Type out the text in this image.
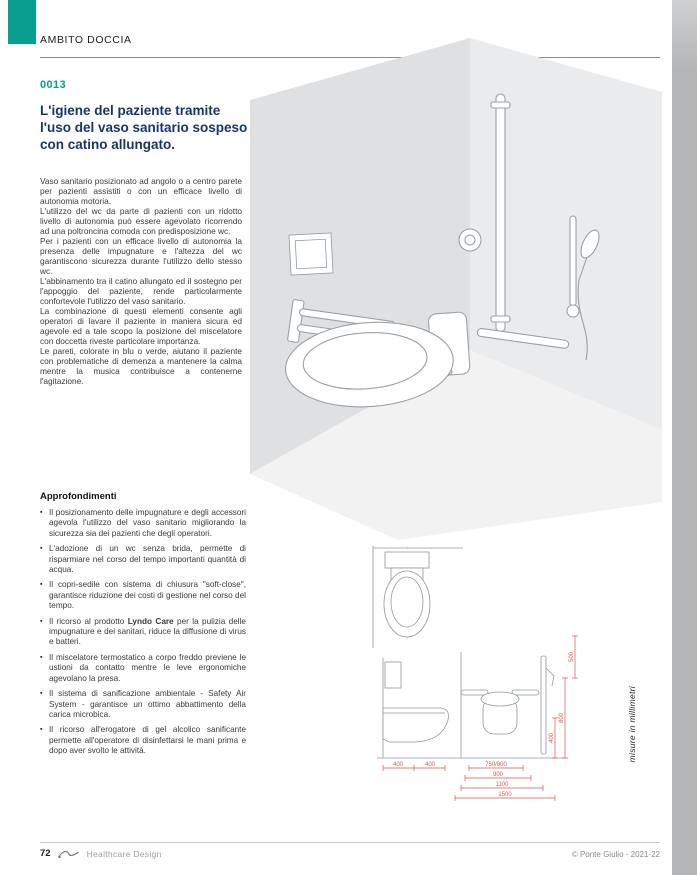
AMBITO DOCCIA
0013
L'igiene del paziente tramite l'uso del vaso sanitario sospeso con catino allungato.

Vaso sanitario posizionato ad angolo o a centro parete per pazienti assistiti o con un efficace livello di autonomia motoria.

L'utilizzo del wc da parte di pazienti con un ridotto livello di autonomia può essere agevolato ricorrendo ad una poltroncina comoda con predisposizione wc.

Per i pazienti con un efficace livello di autonomia la presenza delle impugnature e l'altezza del wc garantiscono sicurezza durante l'utilizzo dello stesso wc.

L'abbinamento tra il catino allungato ed il sostegno per l'appoggio del paziente, rende particolarmente confortevole l'utilizzo del vaso sanitario.

La combinazione di questi elementi consente agli operatori di lavare il paziente in maniera sicura ed agevole ed a tale scopo la posizione del miscelatore con doccetta riveste particolare importanza.

Le pareti, colorate in blu o verde, aiutano il paziente con problematiche di demenza a mantenere la calma mentre la musica contribuisce a contenerne l'agitazione.

Approfondimenti
▪ Il posizionamento delle impugnature e degli accessori agevola l'utilizzo del vaso sanitario migliorando la sicurezza sia dei pazienti che degli operatori.
▪ L'adozione di un wc senza brida, permette di risparmiare nel corso del tempo importanti quantità di acqua.
▪ Il copri-sedile con sistema di chiusura "soft-close", garantisce riduzione dei costi di gestione nel corso del tempo.
▪ Il ricorso al prodotto Lyndo Care per la pulizia delle impugnature e dei sanitari, riduce la diffusione di virus e batteri.
▪ Il miscelatore termostatico a corpo freddo previene le ustioni da contatto mentre le leve ergonomiche agevolano la presa.
▪ Il sistema di sanificazione ambientale - Safety Air System - garantisce un ottimo abbattimento della carica microbica.
▪ Il ricorso all'erogatore di gel alcolico sanificante permette all'operatore di disinfettarsi le mani prima e dopo aver svolto le attività.
400	400
400
800
500
750/800
900
1100
1500
misure in millimetri
72	Healthcare Design	© Ponte Giulio - 2021-22
